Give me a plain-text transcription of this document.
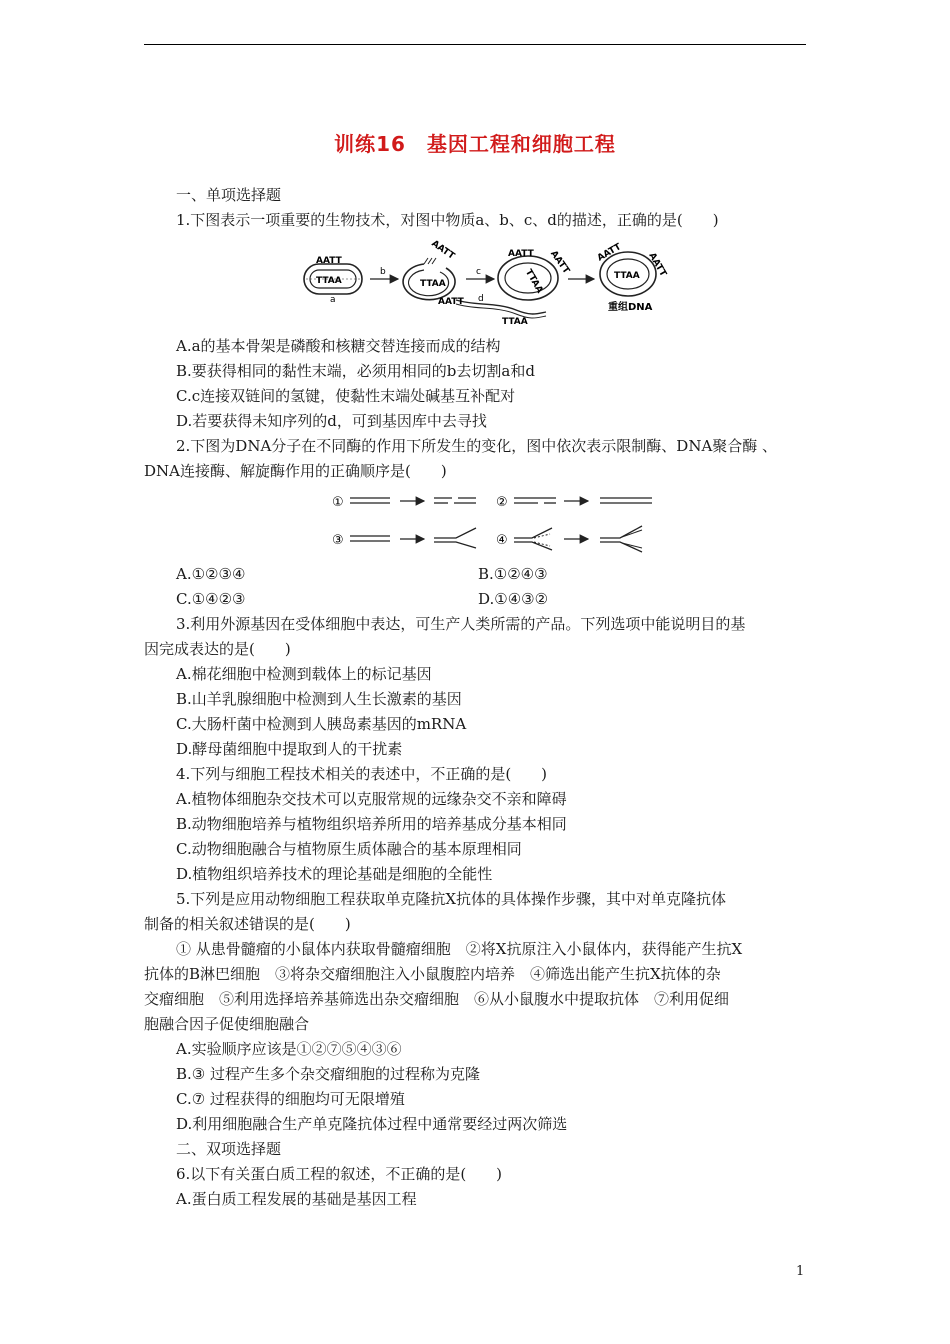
训练16　基因工程和细胞工程
一、单项选择题
1.下图表示一项重要的生物技术，对图中物质a、b、c、d的描述，正确的是(　　)
AATT
TTAA
a
b
TTAA
AATT
c
AATT d
TTAA
AATT
TTAA
AATT	AATT
TTAA AATT
重组DNA
A.a的基本骨架是磷酸和核糖交替连接而成的结构
B.要获得相同的黏性末端，必须用相同的b去切割a和d
C.c连接双链间的氢键，使黏性末端处碱基互补配对
D.若要获得未知序列的d，可到基因库中去寻找
2.下图为DNA分子在不同酶的作用下所发生的变化，图中依次表示限制酶、DNA聚合酶 、
DNA连接酶、解旋酶作用的正确顺序是(　　)
①	②
③	④
A.①②③④	B.①②④③
C.①④②③	D.①④③②
3.利用外源基因在受体细胞中表达，可生产人类所需的产品。下列选项中能说明目的基
因完成表达的是(　　)
A.棉花细胞中检测到载体上的标记基因
B.山羊乳腺细胞中检测到人生长激素的基因
C.大肠杆菌中检测到人胰岛素基因的mRNA
D.酵母菌细胞中提取到人的干扰素
4.下列与细胞工程技术相关的表述中，不正确的是(　　)
A.植物体细胞杂交技术可以克服常规的远缘杂交不亲和障碍
B.动物细胞培养与植物组织培养所用的培养基成分基本相同
C.动物细胞融合与植物原生质体融合的基本原理相同
D.植物组织培养技术的理论基础是细胞的全能性
5.下列是应用动物细胞工程获取单克隆抗X抗体的具体操作步骤，其中对单克隆抗体
制备的相关叙述错误的是(　　)
① 从患骨髓瘤的小鼠体内获取骨髓瘤细胞　②将X抗原注入小鼠体内，获得能产生抗X
抗体的B淋巴细胞　③将杂交瘤细胞注入小鼠腹腔内培养　④筛选出能产生抗X抗体的杂
交瘤细胞　⑤利用选择培养基筛选出杂交瘤细胞　⑥从小鼠腹水中提取抗体　⑦利用促细
胞融合因子促使细胞融合
A.实验顺序应该是①②⑦⑤④③⑥
B.③ 过程产生多个杂交瘤细胞的过程称为克隆
C.⑦ 过程获得的细胞均可无限增殖
D.利用细胞融合生产单克隆抗体过程中通常要经过两次筛选
二、双项选择题
6.以下有关蛋白质工程的叙述，不正确的是(　　)
A.蛋白质工程发展的基础是基因工程
1
